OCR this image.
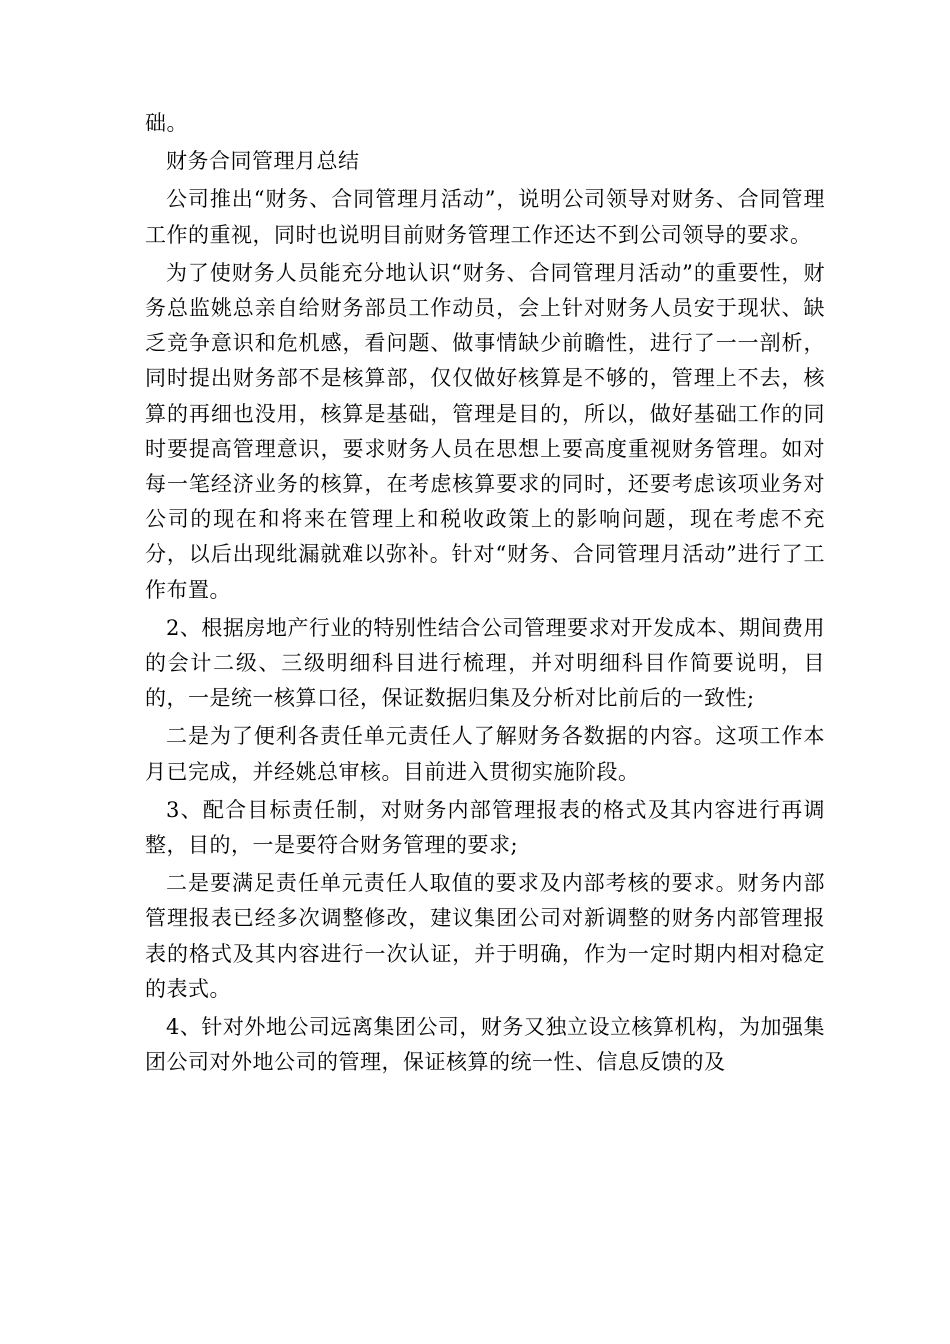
础。

财务合同管理月总结

公司推出“财务、合同管理月活动”，说明公司领导对财务、合同管理工作的重视，同时也说明目前财务管理工作还达不到公司领导的要求。

为了使财务人员能充分地认识“财务、合同管理月活动”的重要性，财务总监姚总亲自给财务部员工作动员，会上针对财务人员安于现状、缺乏竞争意识和危机感，看问题、做事情缺少前瞻性，进行了一一剖析，同时提出财务部不是核算部，仅仅做好核算是不够的，管理上不去，核算的再细也没用，核算是基础，管理是目的，所以，做好基础工作的同时要提高管理意识，要求财务人员在思想上要高度重视财务管理。如对每一笔经济业务的核算，在考虑核算要求的同时，还要考虑该项业务对公司的现在和将来在管理上和税收政策上的影响问题，现在考虑不充分，以后出现纰漏就难以弥补。针对“财务、合同管理月活动”进行了工作布置。

2、根据房地产行业的特别性结合公司管理要求对开发成本、期间费用的会计二级、三级明细科目进行梳理，并对明细科目作简要说明，目的，一是统一核算口径，保证数据归集及分析对比前后的一致性;

二是为了便利各责任单元责任人了解财务各数据的内容。这项工作本月已完成，并经姚总审核。目前进入贯彻实施阶段。

3、配合目标责任制，对财务内部管理报表的格式及其内容进行再调整，目的，一是要符合财务管理的要求;

二是要满足责任单元责任人取值的要求及内部考核的要求。财务内部管理报表已经多次调整修改，建议集团公司对新调整的财务内部管理报表的格式及其内容进行一次认证，并于明确，作为一定时期内相对稳定的表式。

4、针对外地公司远离集团公司，财务又独立设立核算机构，为加强集团公司对外地公司的管理，保证核算的统一性、信息反馈的及
